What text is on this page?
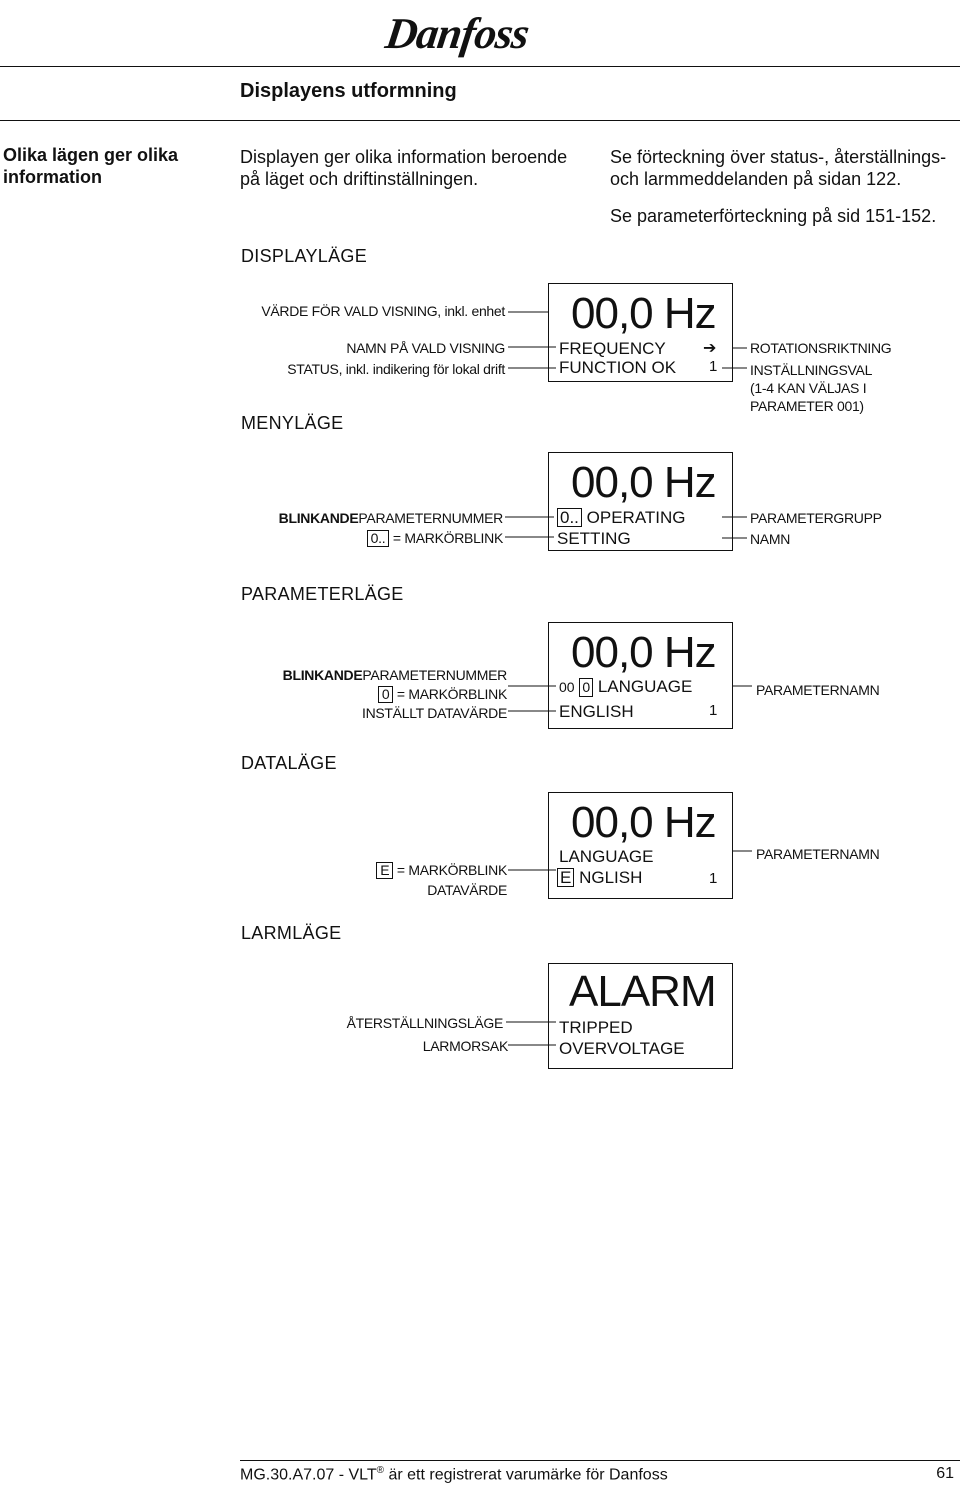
Danfoss
Displayens utformning
Olika lägen ger olika
information
Displayen ger olika information beroende
på läget och driftinställningen.
Se förteckning över status-, återställnings-
och larmmeddelanden på sidan 122.
Se parameterförteckning på sid 151-152.
DISPLAYLÄGE
MENYLÄGE
PARAMETERLÄGE
DATALÄGE
LARMLÄGE
VÄRDE FÖR VALD VISNING, inkl. enhet
NAMN PÅ VALD VISNING
STATUS, inkl. indikering för lokal drift
00,0 Hz
FREQUENCY
FUNCTION OK 1
➔ ROTATIONSRIKTNING
INSTÄLLNINGSVAL
(1-4 KAN VÄLJAS I
PARAMETER 001)
BLINKANDEPARAMETERNUMMER
0.. = MARKÖRBLINK
00,0 Hz
0.. OPERATING
SETTING
PARAMETERGRUPP
NAMN
BLINKANDEPARAMETERNUMMER
0 = MARKÖRBLINK
INSTÄLLT DATAVÄRDE
00,0 Hz
00 0 LANGUAGE
ENGLISH	1
PARAMETERNAMN
E = MARKÖRBLINK
DATAVÄRDE
00,0 Hz
LANGUAGE
E NGLISH	1
PARAMETERNAMN
ÅTERSTÄLLNINGSLÄGE
LARMORSAK
ALARM
TRIPPED
OVERVOLTAGE
MG.30.A7.07 - VLT® är ett registrerat varumärke för Danfoss	61
